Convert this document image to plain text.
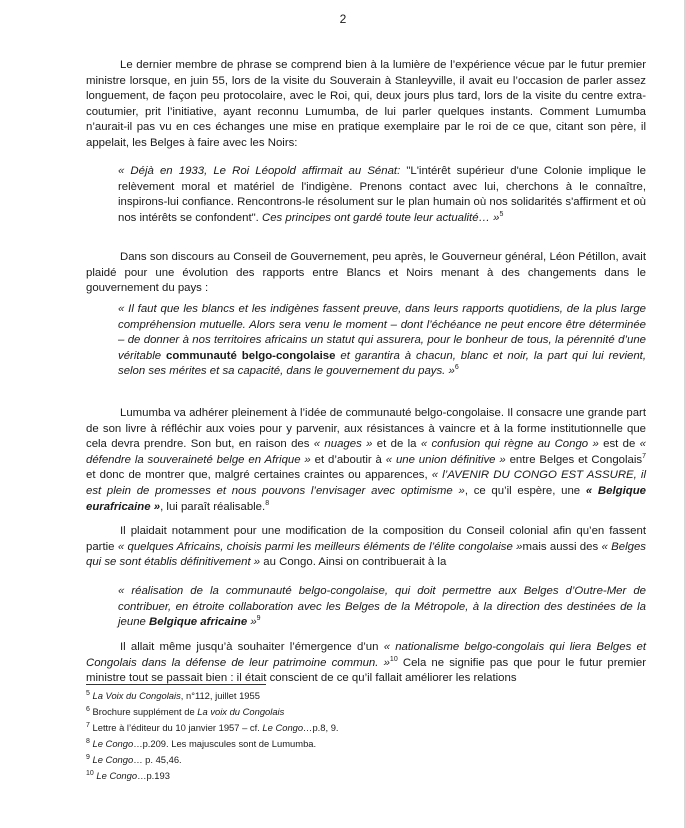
2

Le dernier membre de phrase se comprend bien à la lumière de l’expérience vécue par le futur premier ministre lorsque, en juin 55, lors de la visite du Souverain à Stanleyville, il avait eu l’occasion de parler assez longuement, de façon peu protocolaire, avec le Roi, qui, deux jours plus tard, lors de la visite du centre extra-coutumier, prit l’initiative, ayant reconnu Lumumba, de lui parler quelques instants. Comment Lumumba n’aurait-il pas vu en ces échanges une mise en pratique exemplaire par le roi de ce que, citant son père, il appelait, les Belges à faire avec les Noirs:

« Déjà en 1933, Le Roi Léopold affirmait au Sénat: "L'intérêt supérieur d'une Colonie implique le relèvement moral et matériel de l'indigène. Prenons contact avec lui, cherchons à le connaître, inspirons-lui confiance. Rencontrons-le résolument sur le plan humain où nos solidarités s'affirment et où nos intérêts se confondent". Ces principes ont gardé toute leur actualité… »$^5$

Dans son discours au Conseil de Gouvernement, peu après, le Gouverneur général, Léon Pétillon, avait plaidé pour une évolution des rapports entre Blancs et Noirs menant à des changements dans le gouvernement du pays :

« Il faut que les blancs et les indigènes fassent preuve, dans leurs rapports quotidiens, de la plus large compréhension mutuelle. Alors sera venu le moment – dont l’échéance ne peut encore être déterminée – de donner à nos territoires africains un statut qui assurera, pour le bonheur de tous, la pérennité d’une véritable communauté belgo-congolaise et garantira à chacun, blanc et noir, la part qui lui revient, selon ses mérites et sa capacité, dans le gouvernement du pays. »$^6$

Lumumba va adhérer pleinement à l’idée de communauté belgo-congolaise. Il consacre une grande part de son livre à réfléchir aux voies pour y parvenir, aux résistances à vaincre et à la forme institutionnelle que cela devra prendre. Son but, en raison des « nuages » et de la « confusion qui règne au Congo » est de « défendre la souveraineté belge en Afrique » et d’aboutir à « une union définitive » entre Belges et Congolais$^7$ et donc de montrer que, malgré certaines craintes ou apparences, « l’AVENIR DU CONGO EST ASSURE, il est plein de promesses et nous pouvons l’envisager avec optimisme », ce qu’il espère, une « Belgique eurafricaine », lui paraît réalisable.$^8$

Il plaidait notamment pour une modification de la composition du Conseil colonial afin qu’en fassent partie « quelques Africains, choisis parmi les meilleurs éléments de l’élite congolaise »mais aussi des « Belges qui se sont établis définitivement » au Congo. Ainsi on contribuerait à la

« réalisation de la communauté belgo-congolaise, qui doit permettre aux Belges d’Outre-Mer de contribuer, en étroite collaboration avec les Belges de la Métropole, à la direction des destinées de la jeune Belgique africaine »$^9$

Il allait même jusqu’à souhaiter l’émergence d’un « nationalisme belgo-congolais qui liera Belges et Congolais dans la défense de leur patrimoine commun. »$^{10}$ Cela ne signifie pas que pour le futur premier ministre tout se passait bien : il était conscient de ce qu’il fallait améliorer les relations

$^5$ La Voix du Congolais, n°112, juillet 1955
$^6$ Brochure supplément de La voix du Congolais
$^7$ Lettre à l’éditeur du 10 janvier 1957 – cf. Le Congo…p.8, 9.
$^8$ Le Congo…p.209. Les majuscules sont de Lumumba.
$^9$ Le Congo… p. 45,46.
$^{10}$ Le Congo…p.193
